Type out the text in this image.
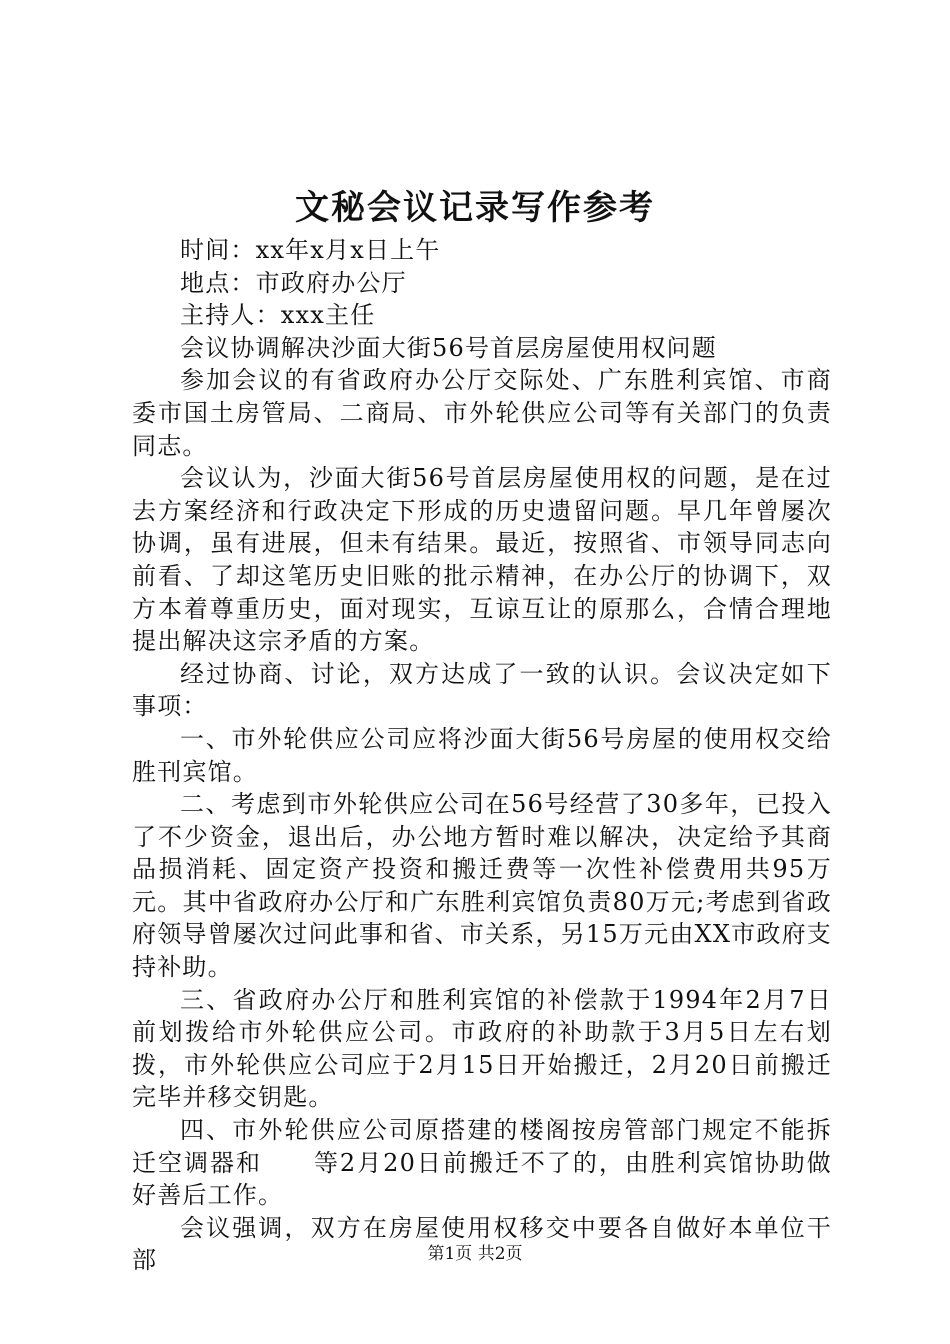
文秘会议记录写作参考

时间：xx年x月x日上午

地点：市政府办公厅

主持人：xxx主任

会议协调解决沙面大街56号首层房屋使用权问题

参加会议的有省政府办公厅交际处、广东胜利宾馆、市商委市国土房管局、二商局、市外轮供应公司等有关部门的负责同志。

会议认为，沙面大街56号首层房屋使用权的问题，是在过去方案经济和行政决定下形成的历史遗留问题。早几年曾屡次协调，虽有进展，但未有结果。最近，按照省、市领导同志向前看、了却这笔历史旧账的批示精神，在办公厅的协调下，双方本着尊重历史，面对现实，互谅互让的原那么，合情合理地提出解决这宗矛盾的方案。

经过协商、讨论，双方达成了一致的认识。会议决定如下事项：

一、市外轮供应公司应将沙面大街56号房屋的使用权交给胜刊宾馆。

二、考虑到市外轮供应公司在56号经营了30多年，已投入了不少资金，退出后，办公地方暂时难以解决，决定给予其商品损消耗、固定资产投资和搬迁费等一次性补偿费用共95万元。其中省政府办公厅和广东胜利宾馆负责80万元;考虑到省政府领导曾屡次过问此事和省、市关系，另15万元由XX市政府支持补助。

三、省政府办公厅和胜利宾馆的补偿款于1994年2月7日前划拨给市外轮供应公司。市政府的补助款于3月5日左右划拨，市外轮供应公司应于2月15日开始搬迁，2月20日前搬迁完毕并移交钥匙。

四、市外轮供应公司原搭建的楼阁按房管部门规定不能拆迁空调器和　　等2月20日前搬迁不了的，由胜利宾馆协助做好善后工作。

会议强调，双方在房屋使用权移交中要各自做好本单位干部	第1页 共2页
